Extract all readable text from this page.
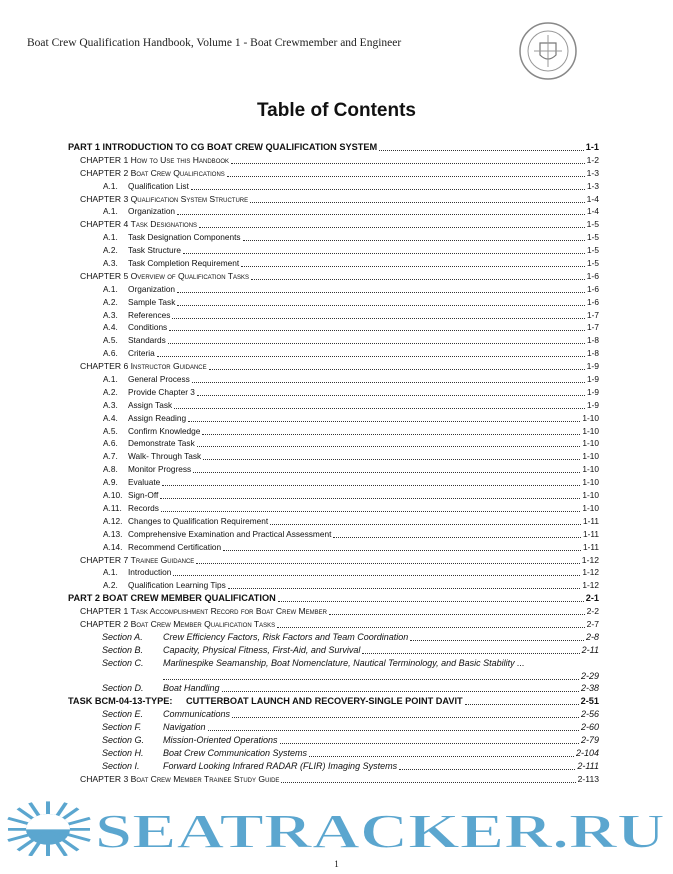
Boat Crew Qualification Handbook, Volume 1 - Boat Crewmember and Engineer
Table of Contents
PART 1 INTRODUCTION TO CG BOAT CREW QUALIFICATION SYSTEM	1-1
CHAPTER 1 How to Use this Handbook	1-2
CHAPTER 2 Boat Crew Qualifications	1-3
A.1. Qualification List	1-3
CHAPTER 3 Qualification System Structure	1-4
A.1. Organization	1-4
CHAPTER 4 Task Designations	1-5
A.1. Task Designation Components	1-5
A.2. Task Structure	1-5
A.3. Task Completion Requirement	1-5
CHAPTER 5 Overview of Qualification Tasks	1-6
A.1. Organization	1-6
A.2. Sample Task	1-6
A.3. References	1-7
A.4. Conditions	1-7
A.5. Standards	1-8
A.6. Criteria	1-8
CHAPTER 6 Instructor Guidance	1-9
A.1. General Process	1-9
A.2. Provide Chapter 3	1-9
A.3. Assign Task	1-9
A.4. Assign Reading	1-10
A.5. Confirm Knowledge	1-10
A.6. Demonstrate Task	1-10
A.7. Walk- Through Task	1-10
A.8. Monitor Progress	1-10
A.9. Evaluate	1-10
A.10. Sign-Off	1-10
A.11. Records	1-10
A.12. Changes to Qualification Requirement	1-11
A.13. Comprehensive Examination and Practical Assessment	1-11
A.14. Recommend Certification	1-11
CHAPTER 7 Trainee Guidance	1-12
A.1. Introduction	1-12
A.2. Qualification Learning Tips	1-12
PART 2 BOAT CREW MEMBER QUALIFICATION	2-1
CHAPTER 1 Task Accomplishment Record for Boat Crew Member	2-2
CHAPTER 2 Boat Crew Member Qualification Tasks	2-7
Section A. Crew Efficiency Factors, Risk Factors and Team Coordination	2-8
Section B. Capacity, Physical Fitness, First-Aid, and Survival	2-11
Section C. Marlinespike Seamanship, Boat Nomenclature, Nautical Terminology, and Basic Stability ...
2-29
Section D. Boat Handling	2-38
TASK BCM-04-13-TYPE: CUTTERBOAT LAUNCH AND RECOVERY-SINGLE POINT DAVIT	2-51
Section E. Communications	2-56
Section F. Navigation	2-60
Section G. Mission-Oriented Operations	2-79
Section H. Boat Crew Communication Systems	2-104
Section I.	Forward Looking Infrared RADAR (FLIR) Imaging Systems	2-111
CHAPTER 3 Boat Crew Member Trainee Study Guide	2-113
SEATRACKER.RU
1
